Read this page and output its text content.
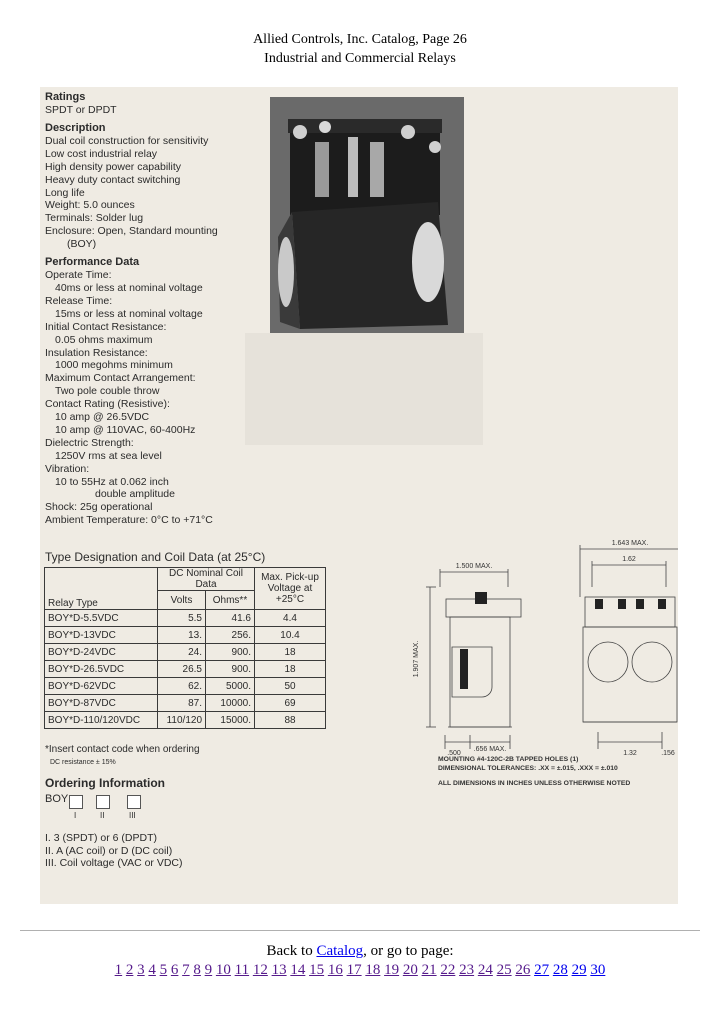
Allied Controls, Inc. Catalog, Page 26
Industrial and Commercial Relays
Ratings
SPDT or DPDT
Description
Dual coil construction for sensitivity
Low cost industrial relay
High density power capability
Heavy duty contact switching
Long life
Weight: 5.0 ounces
Terminals: Solder lug
Enclosure: Open, Standard mounting
(BOY)
Performance Data
Operate Time:
40ms or less at nominal voltage
Release Time:
15ms or less at nominal voltage
Initial Contact Resistance:
0.05 ohms maximum
Insulation Resistance:
1000 megohms minimum
Maximum Contact Arrangement:
Two pole couble throw
Contact Rating (Resistive):
10 amp @ 26.5VDC
10 amp @ 110VAC, 60-400Hz
Dielectric Strength:
1250V rms at sea level
Vibration:
10 to 55Hz at 0.062 inch
double amplitude
Shock: 25g operational
Ambient Temperature: 0°C to +71°C
Type Designation and Coil Data (at 25°C)
Relay Type	DC Nominal Coil Data		Max. Pick-up Voltage at +25°C
	Volts	Ohms**	
BOY*D-5.5VDC	5.5	41.6	4.4
BOY*D-13VDC	13.	256.	10.4
BOY*D-24VDC	24.	900.	18
BOY*D-26.5VDC	26.5	900.	18
BOY*D-62VDC	62.	5000.	50
BOY*D-87VDC	87.	10000.	69
BOY*D-110/120VDC	110/120	15000.	88
*Insert contact code when ordering
DC resistance ± 15%
Ordering Information
BOY
I	II	III
I. 3 (SPDT) or 6 (DPDT)
II. A (AC coil) or D (DC coil)
III. Coil voltage (VAC or VDC)
1.500 MAX.
1.907 MAX.
.500
.656 MAX.
1.643 MAX.
1.62
1.32	.156
MOUNTING #4-120C-2B TAPPED HOLES (1)
DIMENSIONAL TOLERANCES: .XX = ±.015, .XXX = ±.010
ALL DIMENSIONS IN INCHES UNLESS OTHERWISE NOTED
Back to Catalog, or go to page:
1 2 3 4 5 6 7 8 9 10 11 12 13 14 15 16 17 18 19 20 21 22 23 24 25 26 27 28 29 30
